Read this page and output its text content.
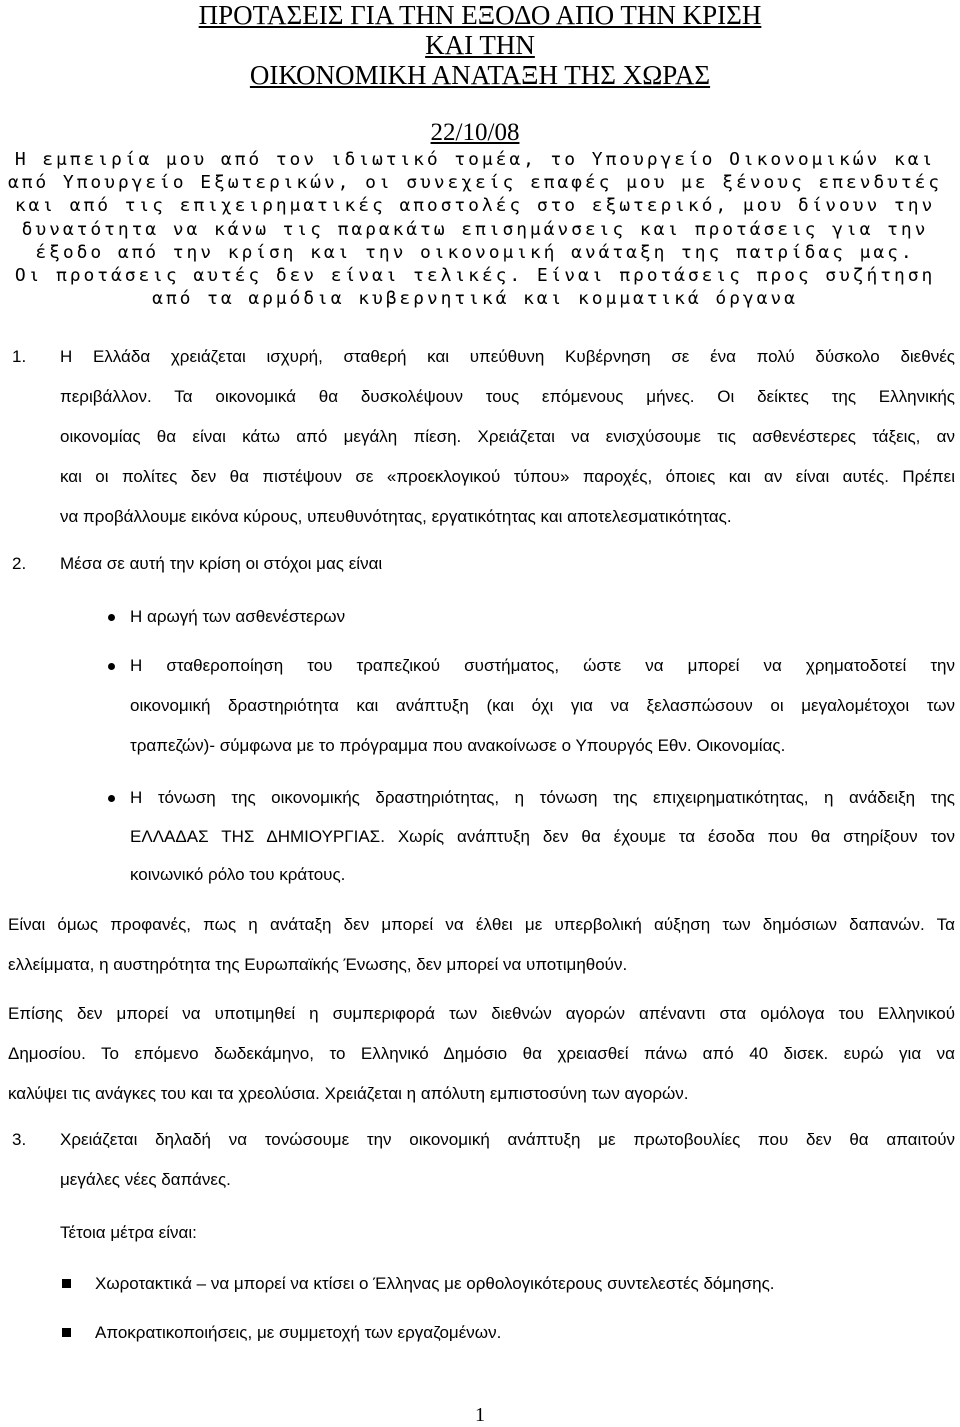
ΠΡΟΤΑΣΕΙΣ ΓΙΑ ΤΗΝ ΕΞΟΔΟ ΑΠΟ ΤΗΝ ΚΡΙΣΗ
ΚΑΙ ΤΗΝ
ΟΙΚΟΝΟΜΙΚΗ ΑΝΑΤΑΞΗ ΤΗΣ ΧΩΡΑΣ
22/10/08
Η εμπειρία μου από τον ιδιωτικό τομέα, το Υπουργείο Οικονομικών και
από Υπουργείο Εξωτερικών, οι συνεχείς επαφές μου με ξένους επενδυτές
και από τις επιχειρηματικές αποστολές στο εξωτερικό, μου δίνουν την
δυνατότητα να κάνω τις παρακάτω επισημάνσεις και προτάσεις για την
έξοδο από την κρίση και την οικονομική ανάταξη της πατρίδας μας.
Οι προτάσεις αυτές δεν είναι τελικές. Είναι προτάσεις προς συζήτηση
από τα αρμόδια κυβερνητικά και κομματικά όργανα
1. Η Ελλάδα χρειάζεται ισχυρή, σταθερή και υπεύθυνη Κυβέρνηση σε ένα πολύ δύσκολο διεθνές
περιβάλλον. Τα οικονομικά θα δυσκολέψουν τους επόμενους μήνες. Οι δείκτες της Ελληνικής
οικονομίας θα είναι κάτω από μεγάλη πίεση. Χρειάζεται να ενισχύσουμε τις ασθενέστερες τάξεις, αν
και οι πολίτες δεν θα πιστέψουν σε «προεκλογικού τύπου» παροχές, όποιες και αν είναι αυτές. Πρέπει
να προβάλλουμε εικόνα κύρους, υπευθυνότητας, εργατικότητας και αποτελεσματικότητας.
2. Μέσα σε αυτή την κρίση οι στόχοι μας είναι
Η αρωγή των ασθενέστερων
Η σταθεροποίηση του τραπεζικού συστήματος, ώστε να μπορεί να χρηματοδοτεί την
οικονομική δραστηριότητα και ανάπτυξη (και όχι για να ξελασπώσουν οι μεγαλομέτοχοι των
τραπεζών)- σύμφωνα με το πρόγραμμα που ανακοίνωσε ο Υπουργός Εθν. Οικονομίας.
Η τόνωση της οικονομικής δραστηριότητας, η τόνωση της επιχειρηματικότητας, η ανάδειξη της
ΕΛΛΑΔΑΣ ΤΗΣ ΔΗΜΙΟΥΡΓΙΑΣ. Χωρίς ανάπτυξη δεν θα έχουμε τα έσοδα που θα στηρίξουν τον
κοινωνικό ρόλο του κράτους.
Είναι όμως προφανές, πως η ανάταξη δεν μπορεί να έλθει με υπερβολική αύξηση των δημόσιων δαπανών. Τα
ελλείμματα, η αυστηρότητα της Ευρωπαϊκής Ένωσης, δεν μπορεί να υποτιμηθούν.
Επίσης δεν μπορεί να υποτιμηθεί η συμπεριφορά των διεθνών αγορών απέναντι στα ομόλογα του Ελληνικού
Δημοσίου. Το επόμενο δωδεκάμηνο, το Ελληνικό Δημόσιο θα χρειασθεί πάνω από 40 δισεκ. ευρώ για να
καλύψει τις ανάγκες του και τα χρεολύσια. Χρειάζεται η απόλυτη εμπιστοσύνη των αγορών.
3. Χρειάζεται δηλαδή να τονώσουμε την οικονομική ανάπτυξη με πρωτοβουλίες που δεν θα απαιτούν
μεγάλες νέες δαπάνες.
Τέτοια μέτρα είναι:
Χωροτακτικά – να μπορεί να κτίσει ο Έλληνας με ορθολογικότερους συντελεστές δόμησης.
Αποκρατικοποιήσεις, με συμμετοχή των εργαζομένων.
1
